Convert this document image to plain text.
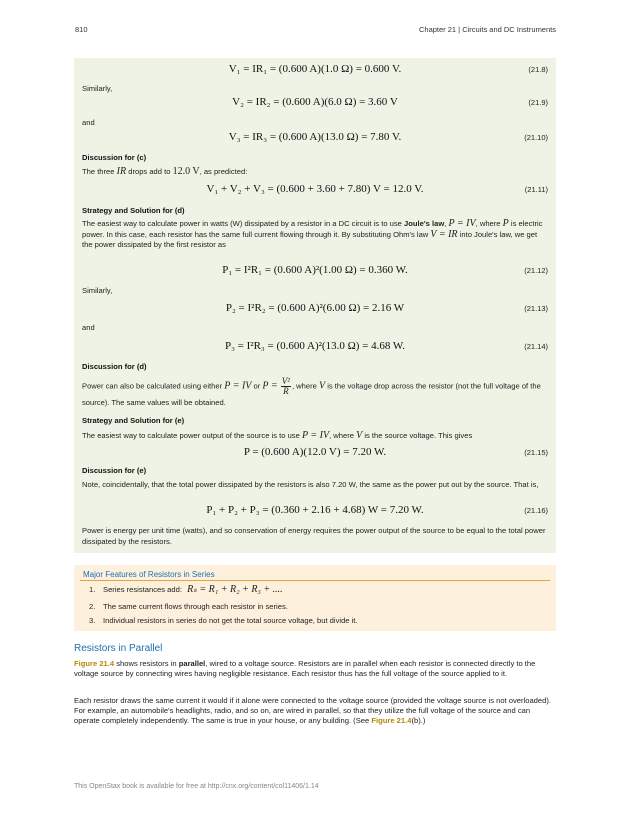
810	Chapter 21 | Circuits and DC Instruments
V₁ = IR₁ = (0.600 A)(1.0 Ω) = 0.600 V.	(21.8)
Similarly,
V₂ = IR₂ = (0.600 A)(6.0 Ω) = 3.60 V	(21.9)
and
V₃ = IR₃ = (0.600 A)(13.0 Ω) = 7.80 V.	(21.10)
Discussion for (c)
The three IR drops add to 12.0 V, as predicted:
V₁ + V₂ + V₃ = (0.600 + 3.60 + 7.80) V = 12.0 V.	(21.11)
Strategy and Solution for (d)
The easiest way to calculate power in watts (W) dissipated by a resistor in a DC circuit is to use Joule's law, P = IV, where P is electric power. In this case, each resistor has the same full current flowing through it. By substituting Ohm's law V = IR into Joule's law, we get the power dissipated by the first resistor as
P₁ = I²R₁ = (0.600 A)²(1.00 Ω) = 0.360 W.	(21.12)
Similarly,
P₂ = I²R₂ = (0.600 A)²(6.00 Ω) = 2.16 W	(21.13)
and
P₃ = I²R₃ = (0.600 A)²(13.0 Ω) = 4.68 W.	(21.14)
Discussion for (d)
Power can also be calculated using either P = IV or $P = \frac{\text{V²}}{R}$ , where V is the voltage drop across the resistor (not the full voltage of the source). The same values will be obtained.
Strategy and Solution for (e)
The easiest way to calculate power output of the source is to use P = IV, where V is the source voltage. This gives
P = (0.600 A)(12.0 V) = 7.20 W.	(21.15)
Discussion for (e)
Note, coincidentally, that the total power dissipated by the resistors is also 7.20 W, the same as the power put out by the source. That is,
P₁ + P₂ + P₃ = (0.360 + 2.16 + 4.68) W = 7.20 W.	(21.16)
Power is energy per unit time (watts), and so conservation of energy requires the power output of the source to be equal to the total power dissipated by the resistors.
Major Features of Resistors in Series
1. Series resistances add: Rₛ = R₁ + R₂ + R₃ + ....
2. The same current flows through each resistor in series.
3. Individual resistors in series do not get the total source voltage, but divide it.
Resistors in Parallel
Figure 21.4 shows resistors in parallel, wired to a voltage source. Resistors are in parallel when each resistor is connected directly to the voltage source by connecting wires having negligible resistance. Each resistor thus has the full voltage of the source applied to it.
Each resistor draws the same current it would if it alone were connected to the voltage source (provided the voltage source is not overloaded). For example, an automobile's headlights, radio, and so on, are wired in parallel, so that they utilize the full voltage of the source and can operate completely independently. The same is true in your house, or any building. (See Figure 21.4(b).)
This OpenStax book is available for free at http://cnx.org/content/col11406/1.14
